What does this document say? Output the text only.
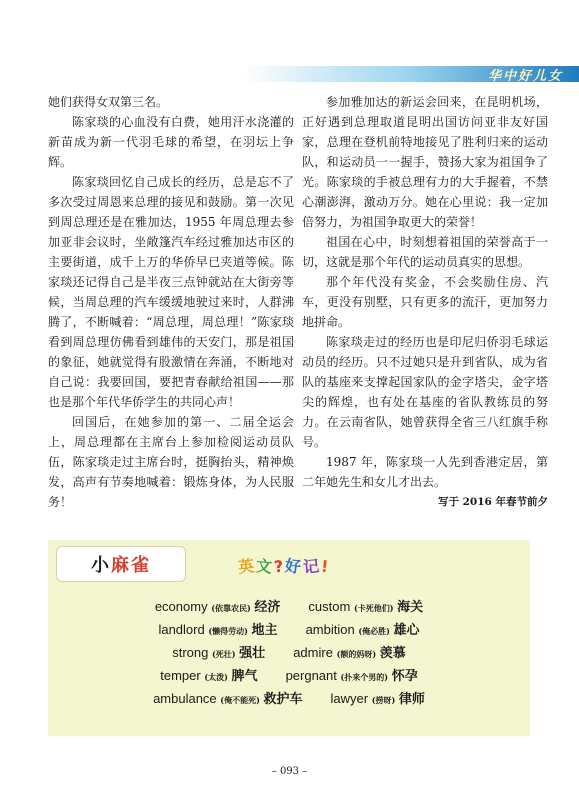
华中好儿女

她们获得女双第三名。

陈家琰的心血没有白费，她用汗水浇灌的新苗成为新一代羽毛球的希望，在羽坛上争辉。

陈家琰回忆自己成长的经历，总是忘不了多次受过周恩来总理的接见和鼓励。第一次见到周总理还是在雅加达，1955 年周总理去参加亚非会议时，坐敞篷汽车经过雅加达市区的主要街道，成千上万的华侨早已夹道等候。陈家琰还记得自己是半夜三点钟就站在大街旁等候，当周总理的汽车缓缓地驶过来时，人群沸腾了，不断喊着：“周总理，周总理！”陈家琰看到周总理仿佛看到雄伟的天安门，那是祖国的象征，她就觉得有股激情在奔涌，不断地对自己说：我要回国，要把青春献给祖国——那也是那个年代华侨学生的共同心声！

回国后，在她参加的第一、二届全运会上，周总理都在主席台上参加检阅运动员队伍，陈家琰走过主席台时，挺胸抬头，精神焕发，高声有节奏地喊着：锻炼身体，为人民服务！

参加雅加达的新运会回来，在昆明机场，正好遇到总理取道昆明出国访问亚非友好国家，总理在登机前特地接见了胜利归来的运动队，和运动员一一握手，赞扬大家为祖国争了光。陈家琰的手被总理有力的大手握着，不禁心潮澎湃，激动万分。她在心里说：我一定加倍努力，为祖国争取更大的荣誉！

祖国在心中，时刻想着祖国的荣誉高于一切，这就是那个年代的运动员真实的思想。

那个年代没有奖金，不会奖励住房、汽车，更没有别墅，只有更多的流汗，更加努力地拼命。

陈家琰走过的经历也是印尼归侨羽毛球运动员的经历。只不过她只是升到省队，成为省队的基座来支撑起国家队的金字塔尖，金字塔尖的辉煌，也有处在基座的省队教练员的努力。在云南省队，她曾获得全省三八红旗手称号。

1987 年，陈家琰一人先到香港定居，第二年她先生和女儿才出去。

写于 2016 年春节前夕

小 麻 雀	英文?好记!
economy (依靠农民) 经济 custom (卡死他们) 海关
landlord (懒得劳动) 地主 ambition (俺必胜) 雄心
strong (死壮) 强壮 admire (额的妈呀) 羡慕
temper (太泼) 脾气 pergnant (扑来个男的) 怀孕
ambulance (俺不能死) 救护车 lawyer (捞呀) 律师
– 093 –
